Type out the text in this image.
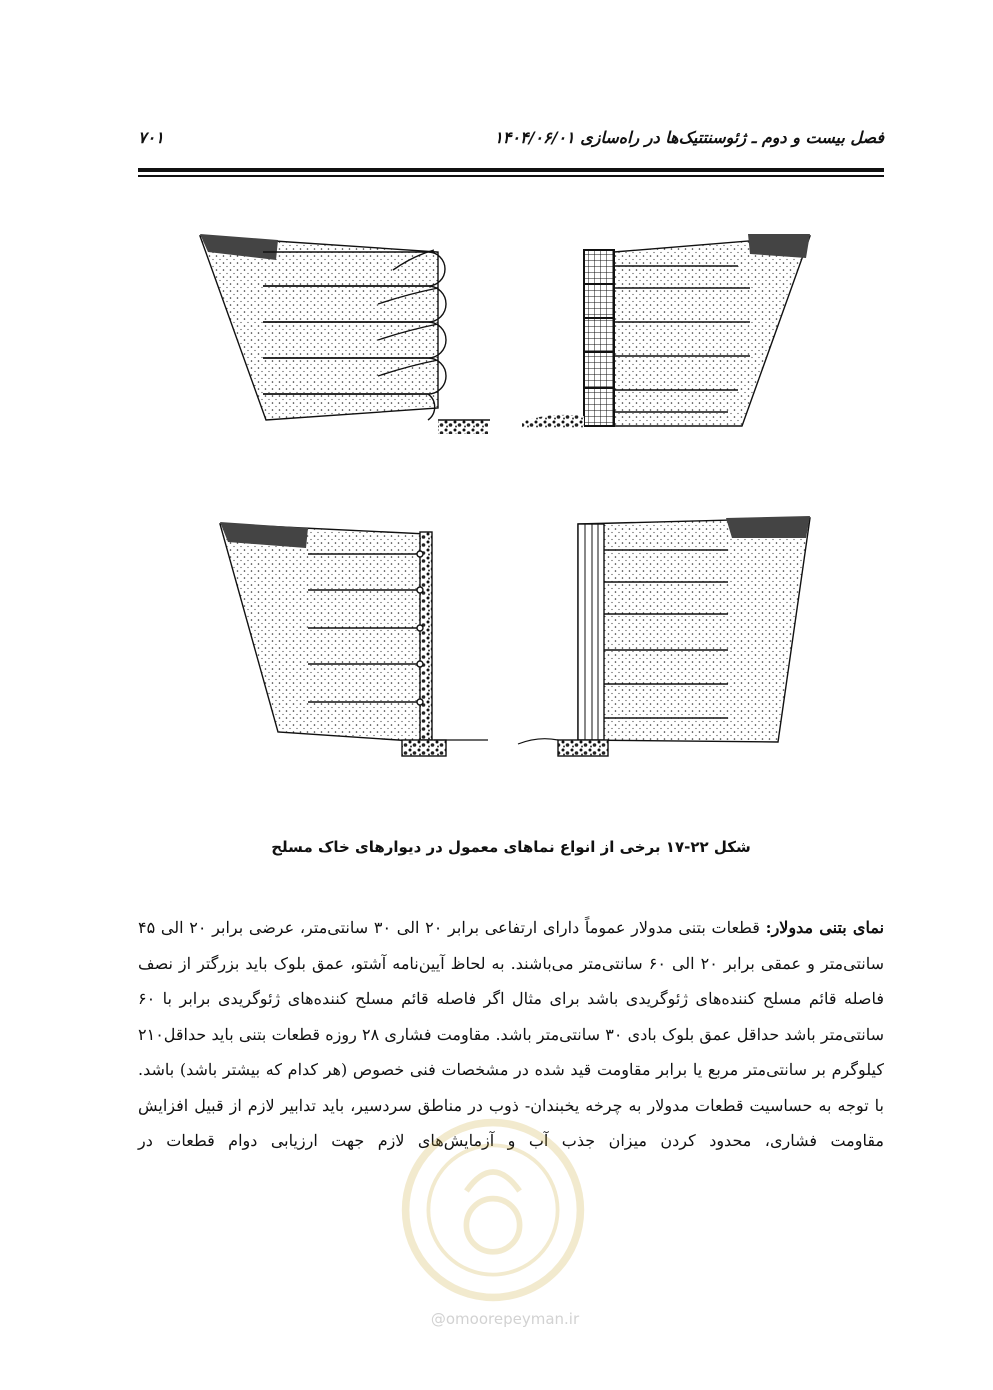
فصل بیست و دوم ـ ژئوسنتتیک‌ها در راه‌سازی ۱۴۰۴/۰۶/۰۱
۷۰۱
شکل ۲۲-۱۷ برخی از انواع نماهای معمول در دیوارهای خاک مسلح
نمای بتنی مدولار: قطعات بتنی مدولار عموماً دارای ارتفاعی برابر ۲۰ الی ۳۰ سانتی‌متر، عرضی برابر ۲۰ الی ۴۵ سانتی‌متر و عمقی برابر ۲۰ الی ۶۰ سانتی‌متر می‌باشند. به لحاظ آیین‌نامه آشتو، عمق بلوک باید بزرگتر از نصف فاصله قائم مسلح کننده‌های ژئوگریدی باشد برای مثال اگر فاصله قائم مسلح کننده‌های ژئوگریدی برابر با ۶۰ سانتی‌متر باشد حداقل عمق بلوک بادی ۳۰ سانتی‌متر باشد. مقاومت فشاری ۲۸ روزه قطعات بتنی باید حداقل۲۱۰ کیلوگرم بر سانتی‌متر مربع یا برابر مقاومت قید شده در مشخصات فنی خصوص (هر کدام که بیشتر باشد) باشد. با توجه به حساسیت قطعات مدولار به چرخه یخبندان- ذوب در مناطق سردسیر، باید تدابیر لازم از قبیل افزایش مقاومت فشاری، محدود کردن میزان جذب آب و آزمایش‌های لازم جهت ارزیابی دوام قطعات در
@omoorepeyman.ir
